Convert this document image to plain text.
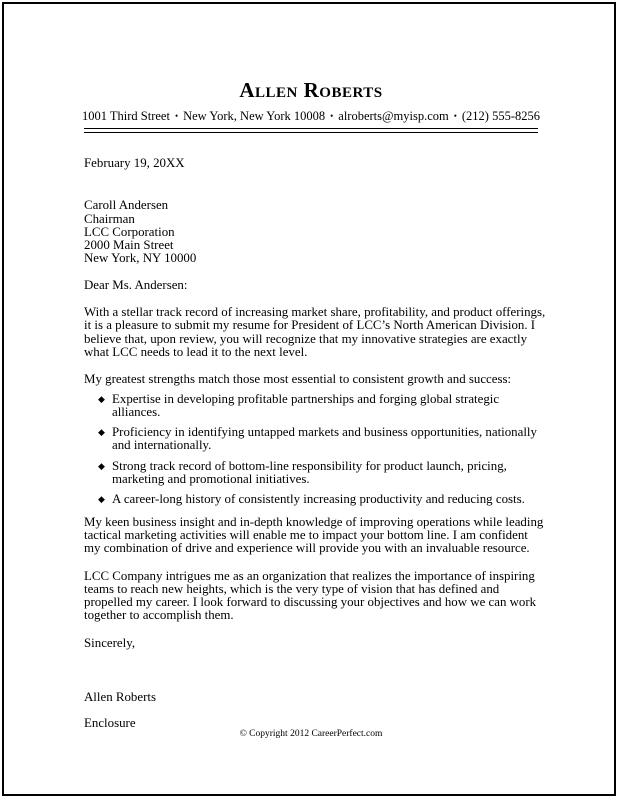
Allen Roberts
1001 Third Street • New York, New York 10008 • alroberts@myisp.com • (212) 555-8256

February 19, 20XX

Caroll Andersen

Chairman

LCC Corporation

2000 Main Street

New York, NY 10000

Dear Ms. Andersen:

With a stellar track record of increasing market share, profitability, and product offerings, it is a pleasure to submit my resume for President of LCC’s North American Division. I believe that, upon review, you will recognize that my innovative strategies are exactly what LCC needs to lead it to the next level.

My greatest strengths match those most essential to consistent growth and success:

◆ Expertise in developing profitable partnerships and forging global strategic alliances.
◆ Proficiency in identifying untapped markets and business opportunities, nationally and internationally.
◆ Strong track record of bottom-line responsibility for product launch, pricing, marketing and promotional initiatives.
◆ A career-long history of consistently increasing productivity and reducing costs.

My keen business insight and in-depth knowledge of improving operations while leading tactical marketing activities will enable me to impact your bottom line. I am confident my combination of drive and experience will provide you with an invaluable resource.

LCC Company intrigues me as an organization that realizes the importance of inspiring teams to reach new heights, which is the very type of vision that has defined and propelled my career. I look forward to discussing your objectives and how we can work together to accomplish them.

Sincerely,

Allen Roberts

Enclosure

© Copyright 2012 CareerPerfect.com
